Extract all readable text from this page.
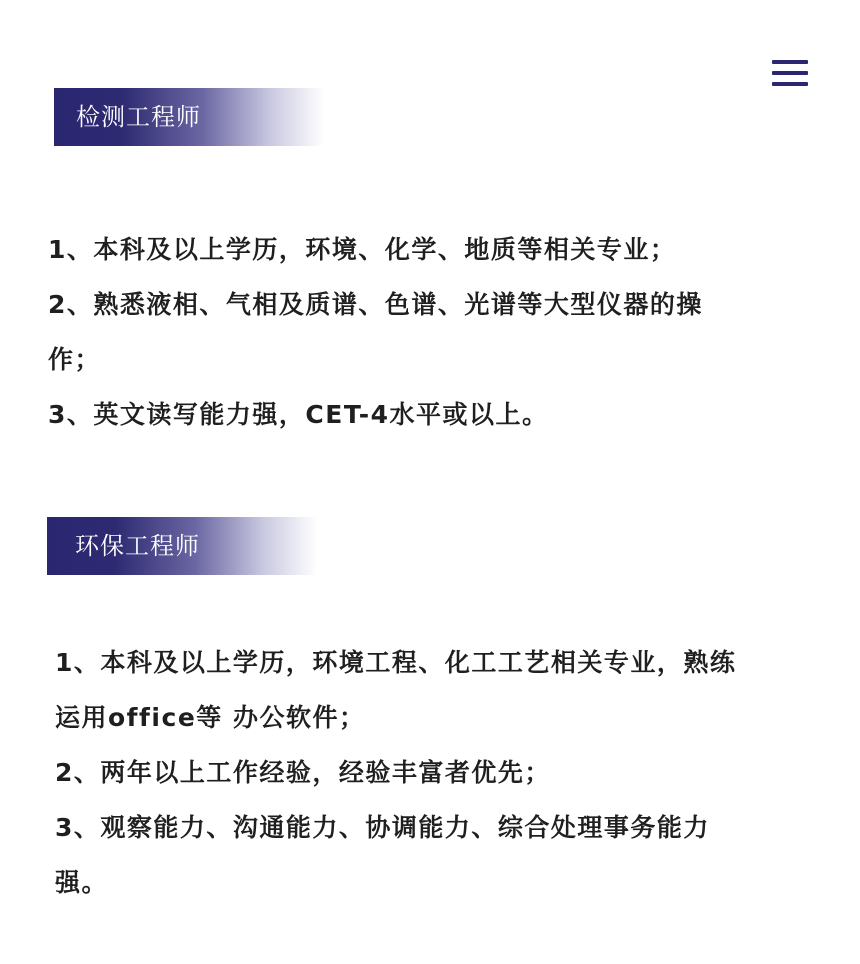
检测工程师
1、本科及以上学历，环境、化学、地质等相关专业；
2、熟悉液相、气相及质谱、色谱、光谱等大型仪器的操
作；
3、英文读写能力强，CET-4水平或以上。
环保工程师
1、本科及以上学历，环境工程、化工工艺相关专业，熟练
运用office等 办公软件；
2、两年以上工作经验，经验丰富者优先；
3、观察能力、沟通能力、协调能力、综合处理事务能力
强。
